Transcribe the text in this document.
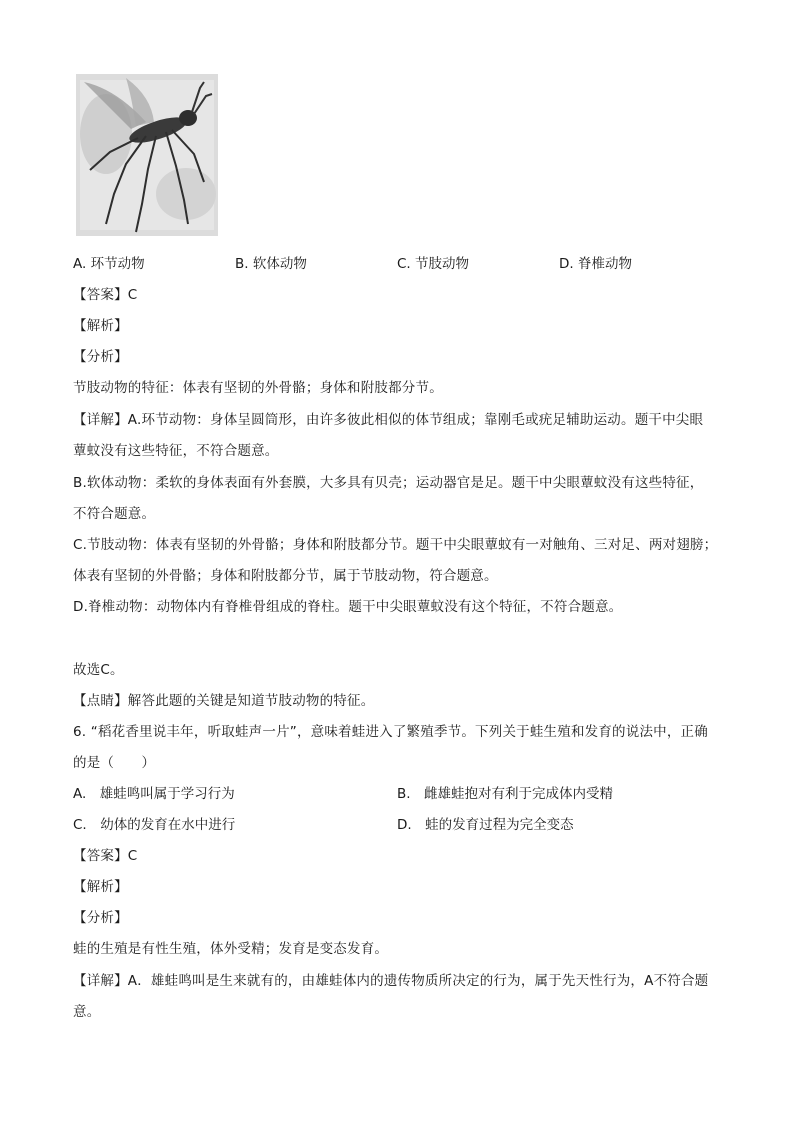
A. 环节动物	B. 软体动物	C. 节肢动物	D. 脊椎动物
【答案】C
【解析】
【分析】
节肢动物的特征：体表有坚韧的外骨骼；身体和附肢都分节。
【详解】A.环节动物：身体呈圆筒形，由许多彼此相似的体节组成；靠刚毛或疣足辅助运动。题干中尖眼
蕈蚊没有这些特征，不符合题意。
B.软体动物：柔软的身体表面有外套膜，大多具有贝壳；运动器官是足。题干中尖眼蕈蚊没有这些特征，
不符合题意。
C.节肢动物：体表有坚韧的外骨骼；身体和附肢都分节。题干中尖眼蕈蚊有一对触角、三对足、两对翅膀；
体表有坚韧的外骨骼；身体和附肢都分节，属于节肢动物，符合题意。
D.脊椎动物：动物体内有脊椎骨组成的脊柱。题干中尖眼蕈蚊没有这个特征，不符合题意。
故选C。
【点睛】解答此题的关键是知道节肢动物的特征。
6. “稻花香里说丰年，听取蛙声一片”，意味着蛙进入了繁殖季节。下列关于蛙生殖和发育的说法中，正确
的是（　　）
A.　雄蛙鸣叫属于学习行为	B.　雌雄蛙抱对有利于完成体内受精
C.　幼体的发育在水中进行	D.　蛙的发育过程为完全变态
【答案】C
【解析】
【分析】
蛙的生殖是有性生殖，体外受精；发育是变态发育。
【详解】A．雄蛙鸣叫是生来就有的，由雄蛙体内的遗传物质所决定的行为，属于先天性行为，A不符合题
意。
